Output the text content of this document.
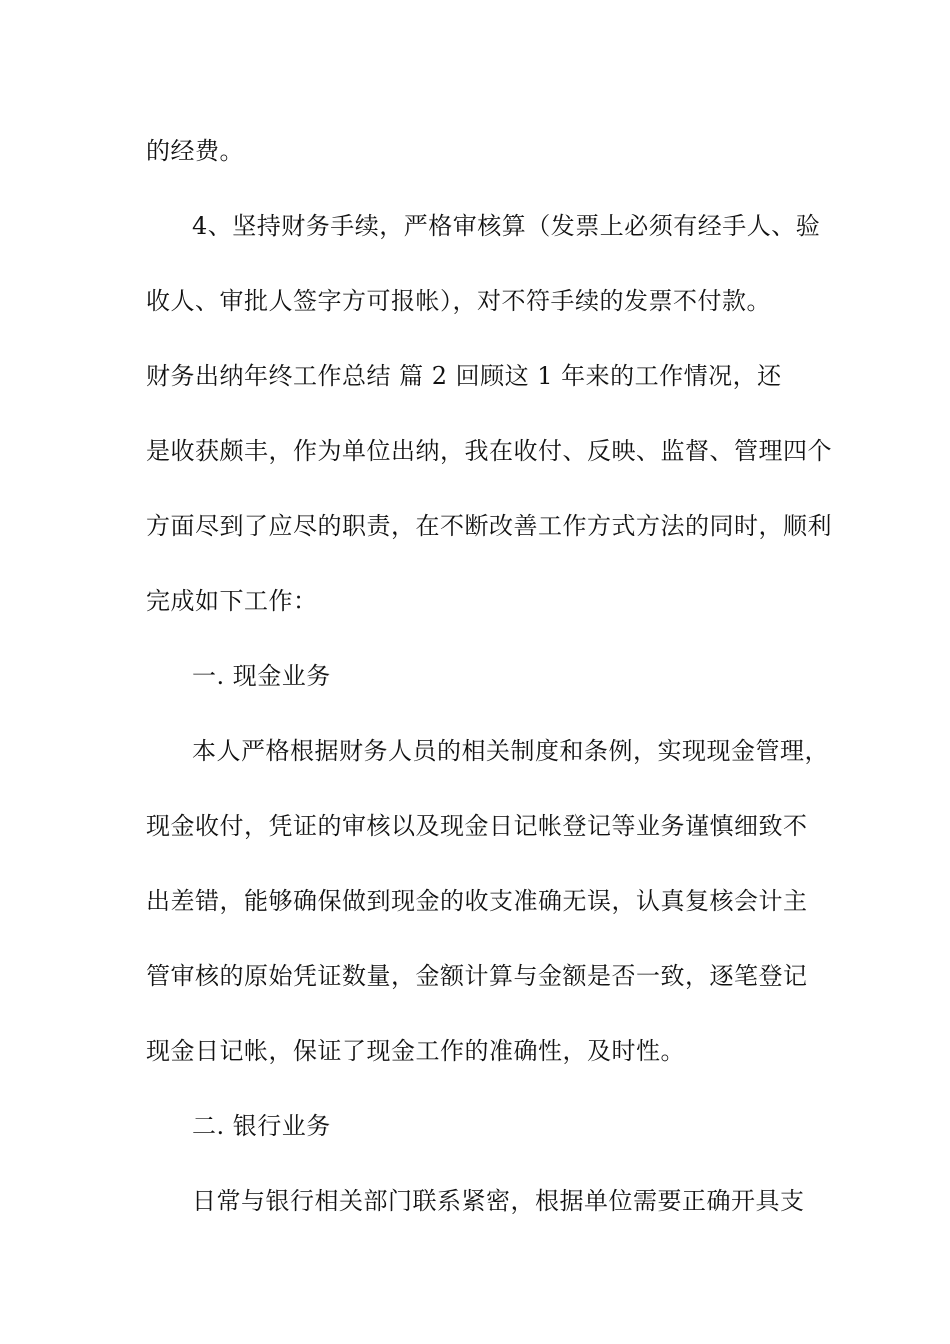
的经费。
4、坚持财务手续，严格审核算（发票上必须有经手人、验
收人、审批人签字方可报帐），对不符手续的发票不付款。
财务出纳年终工作总结 篇 2 回顾这 1 年来的工作情况，还
是收获颇丰，作为单位出纳，我在收付、反映、监督、管理四个
方面尽到了应尽的职责，在不断改善工作方式方法的同时，顺利
完成如下工作：
一. 现金业务
本人严格根据财务人员的相关制度和条例，实现现金管理，
现金收付，凭证的审核以及现金日记帐登记等业务谨慎细致不
出差错，能够确保做到现金的收支准确无误，认真复核会计主
管审核的原始凭证数量，金额计算与金额是否一致，逐笔登记
现金日记帐，保证了现金工作的准确性，及时性。
二. 银行业务
日常与银行相关部门联系紧密，根据单位需要正确开具支
